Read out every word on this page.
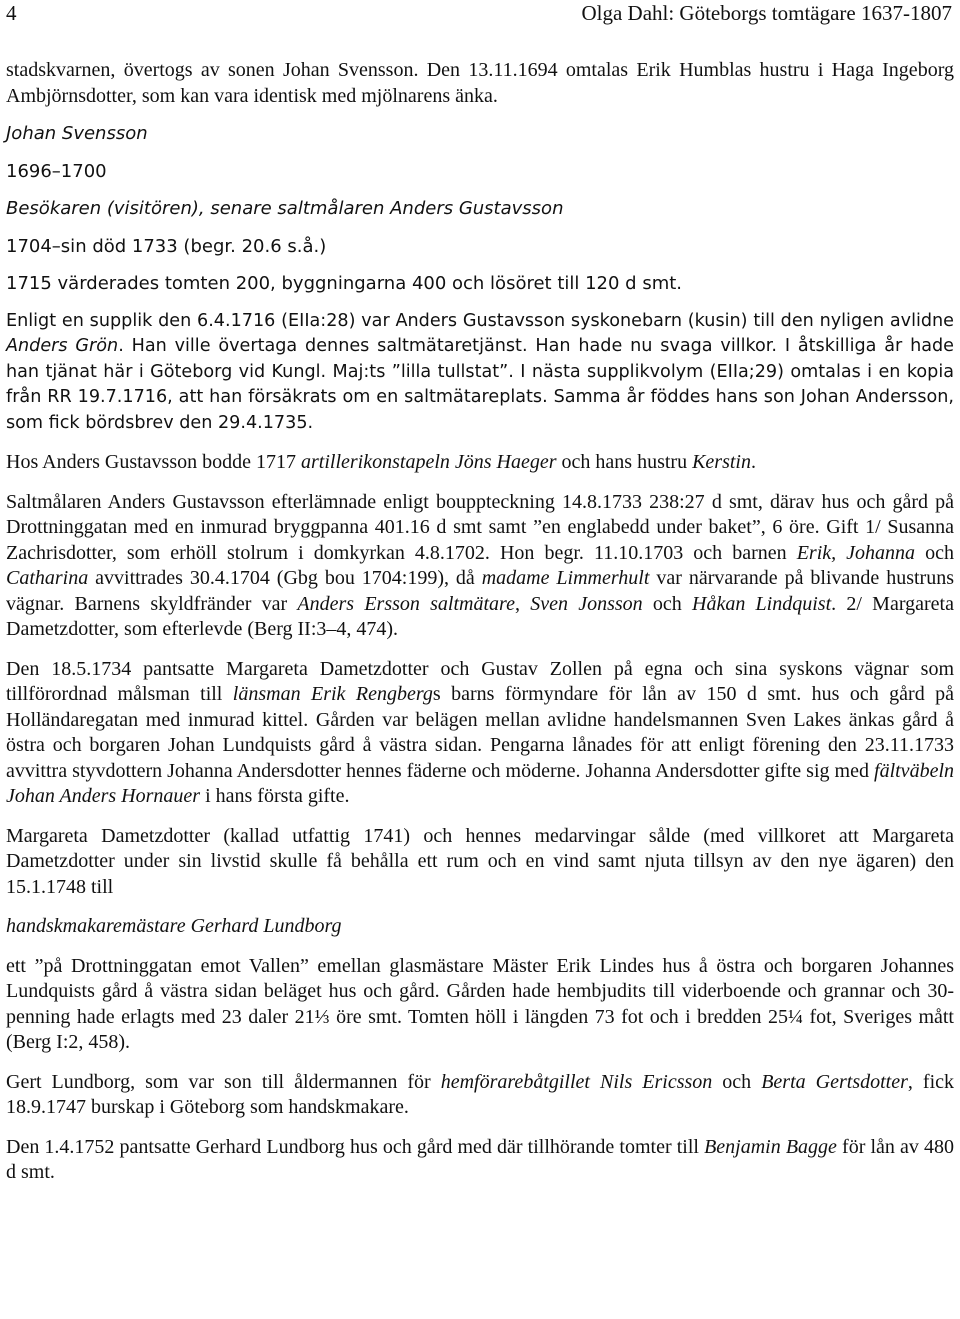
4	Olga Dahl: Göteborgs tomtägare 1637-1807

stadskvarnen, övertogs av sonen Johan Svensson. Den 13.11.1694 omtalas Erik Humblas hustru i Haga Ingeborg Ambjörnsdotter, som kan vara identisk med mjölnarens änka.

Johan Svensson

1696–1700

Besökaren (visitören), senare saltmålaren Anders Gustavsson

1704–sin död 1733 (begr. 20.6 s.å.)

1715 värderades tomten 200, byggningarna 400 och lösöret till 120 d smt.

Enligt en supplik den 6.4.1716 (EIIa:28) var Anders Gustavsson syskonebarn (kusin) till den nyligen avlidne Anders Grön. Han ville övertaga dennes saltmätaretjänst. Han hade nu svaga villkor. I åtskilliga år hade han tjänat här i Göteborg vid Kungl. Maj:ts ”lilla tullstat”. I nästa supplikvolym (EIIa;29) omtalas i en kopia från RR 19.7.1716, att han försäkrats om en saltmätareplats. Samma år föddes hans son Johan Andersson, som fick bördsbrev den 29.4.1735.

Hos Anders Gustavsson bodde 1717 artillerikonstapeln Jöns Haeger och hans hustru Kerstin.

Saltmålaren Anders Gustavsson efterlämnade enligt bouppteckning 14.8.1733 238:27 d smt, därav hus och gård på Drottninggatan med en inmurad bryggpanna 401.16 d smt samt ”en englabedd under baket”, 6 öre. Gift 1/ Susanna Zachrisdotter, som erhöll stolrum i domkyrkan 4.8.1702. Hon begr. 11.10.1703 och barnen Erik, Johanna och Catharina avvittrades 30.4.1704 (Gbg bou 1704:199), då madame Limmerhult var närvarande på blivande hustruns vägnar. Barnens skyldfränder var Anders Ersson saltmätare, Sven Jonsson och Håkan Lindquist. 2/ Margareta Dametzdotter, som efterlevde (Berg II:3–4, 474).

Den 18.5.1734 pantsatte Margareta Dametzdotter och Gustav Zollen på egna och sina syskons vägnar som tillförordnad målsman till länsman Erik Rengbergs barns förmyndare för lån av 150 d smt. hus och gård på Holländaregatan med inmurad kittel. Gården var belägen mellan avlidne handelsmannen Sven Lakes änkas gård å östra och borgaren Johan Lundquists gård å västra sidan. Pengarna lånades för att enligt förening den 23.11.1733 avvittra styvdottern Johanna Andersdotter hennes fäderne och möderne. Johanna Andersdotter gifte sig med fältväbeln Johan Anders Hornauer i hans första gifte.

Margareta Dametzdotter (kallad utfattig 1741) och hennes medarvingar sålde (med villkoret att Margareta Dametzdotter under sin livstid skulle få behålla ett rum och en vind samt njuta tillsyn av den nye ägaren) den 15.1.1748 till

handskmakaremästare Gerhard Lundborg

ett ”på Drottninggatan emot Vallen” emellan glasmästare Mäster Erik Lindes hus å östra och borgaren Johannes Lundquists gård å västra sidan beläget hus och gård. Gården hade hembjudits till viderboende och grannar och 30-penning hade erlagts med 23 daler 21⅓ öre smt. Tomten höll i längden 73 fot och i bredden 25¼ fot, Sveriges mått (Berg I:2, 458).

Gert Lundborg, som var son till åldermannen för hemförarebåtgillet Nils Ericsson och Berta Gertsdotter, fick 18.9.1747 burskap i Göteborg som handskmakare.

Den 1.4.1752 pantsatte Gerhard Lundborg hus och gård med där tillhörande tomter till Benjamin Bagge för lån av 480 d smt.
